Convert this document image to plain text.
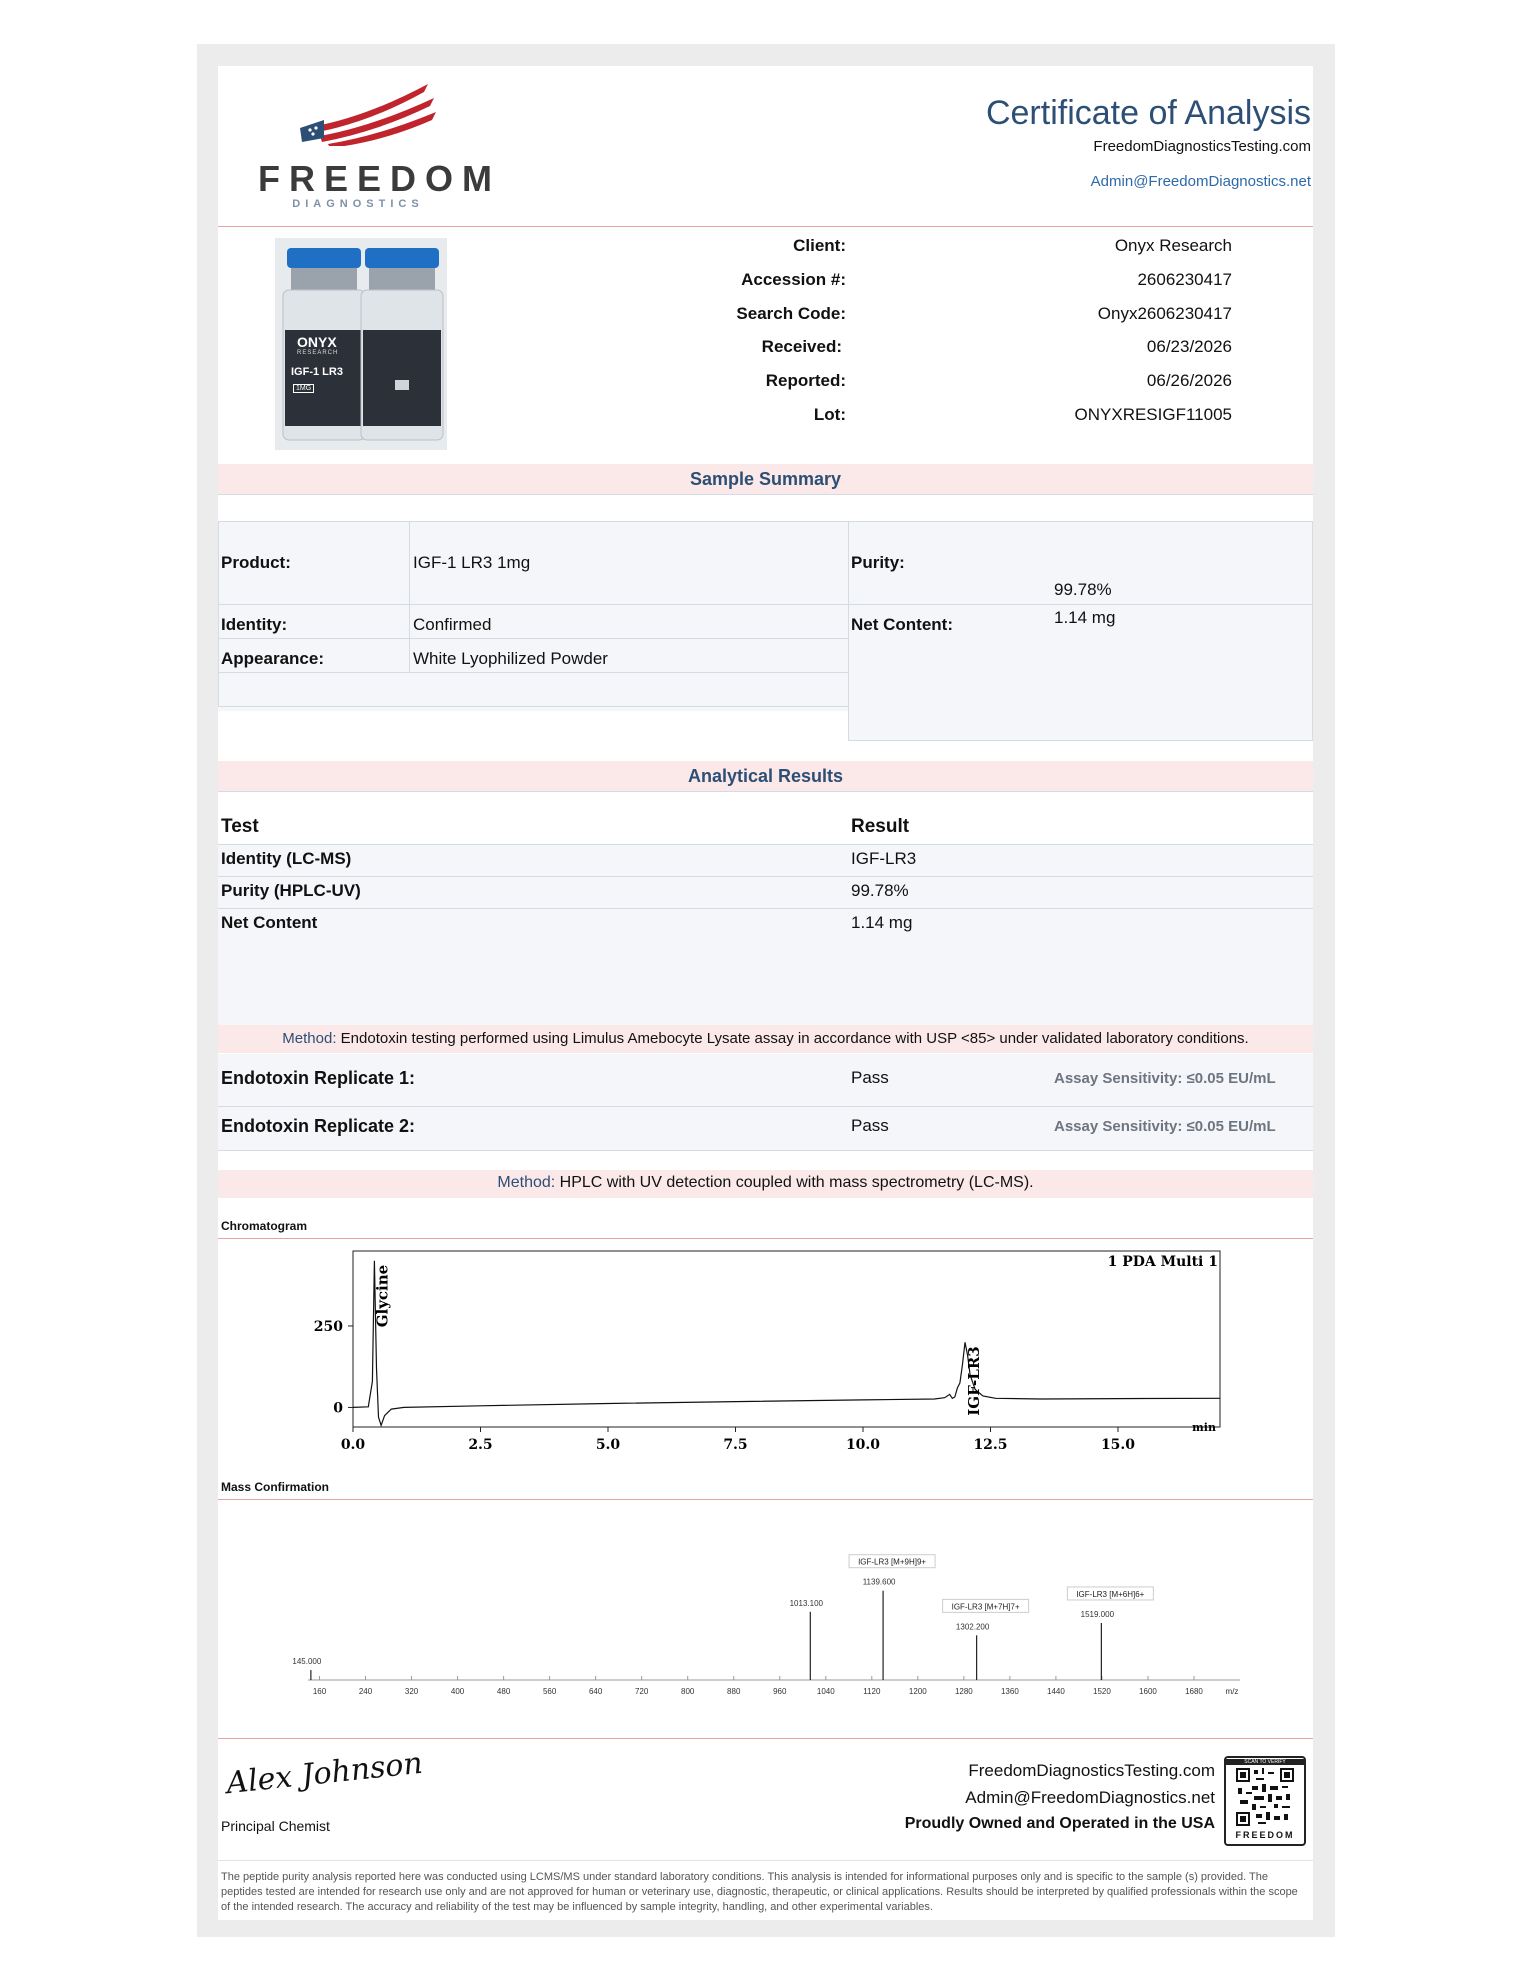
FREEDOM
DIAGNOSTICS
Certificate of Analysis
FreedomDiagnosticsTesting.com
Admin@FreedomDiagnostics.net
ONYX
RESEARCH
IGF-1 LR3
1MG
Client:	Onyx Research
Accession #:	2606230417
Search Code:	Onyx2606230417
Received:	06/23/2026
Reported:	06/26/2026
Lot:	ONYXRESIGF11005
Sample Summary
Product:	IGF-1 LR3 1mg
Identity:	Confirmed
Appearance:	White Lyophilized Powder
Purity:
99.78%
Net Content:	1.14 mg
Analytical Results
Test	Result
Identity (LC-MS)	IGF-LR3
Purity (HPLC-UV)	99.78%
Net Content	1.14 mg
Method: Endotoxin testing performed using Limulus Amebocyte Lysate assay in accordance with USP <85> under validated laboratory conditions.
Endotoxin Replicate 1:	Pass	Assay Sensitivity: ≤0.05 EU/mL
Endotoxin Replicate 2:	Pass	Assay Sensitivity: ≤0.05 EU/mL
Method: HPLC with UV detection coupled with mass spectrometry (LC-MS).
Chromatogram
0.0	2.5	5.0	7.5	10.0	12.5	15.0
0
250
min
1 PDA Multi 1
Glycine
IGF-LR3
Mass Confirmation
160	240	320	400	480	560	640	720	800	880	960	1040	1120	1200	1280	1360	1440	1520	1600	1680	m/z
145.000
1013.100
1139.600
1302.200
1519.000
IGF-LR3 [M+9H]9+
IGF-LR3 [M+7H]7+
IGF-LR3 [M+6H]6+
Alex Johnson
Principal Chemist
FreedomDiagnosticsTesting.com
Admin@FreedomDiagnostics.net
Proudly Owned and Operated in the USA
SCAN TO VERIFY
FREEDOM
The peptide purity analysis reported here was conducted using LCMS/MS under standard laboratory conditions. This analysis is intended for informational purposes only and is specific to the sample (s) provided. The peptides tested are intended for research use only and are not approved for human or veterinary use, diagnostic, therapeutic, or clinical applications. Results should be interpreted by qualified professionals within the scope of the intended research. The accuracy and reliability of the test may be influenced by sample integrity, handling, and other experimental variables.
